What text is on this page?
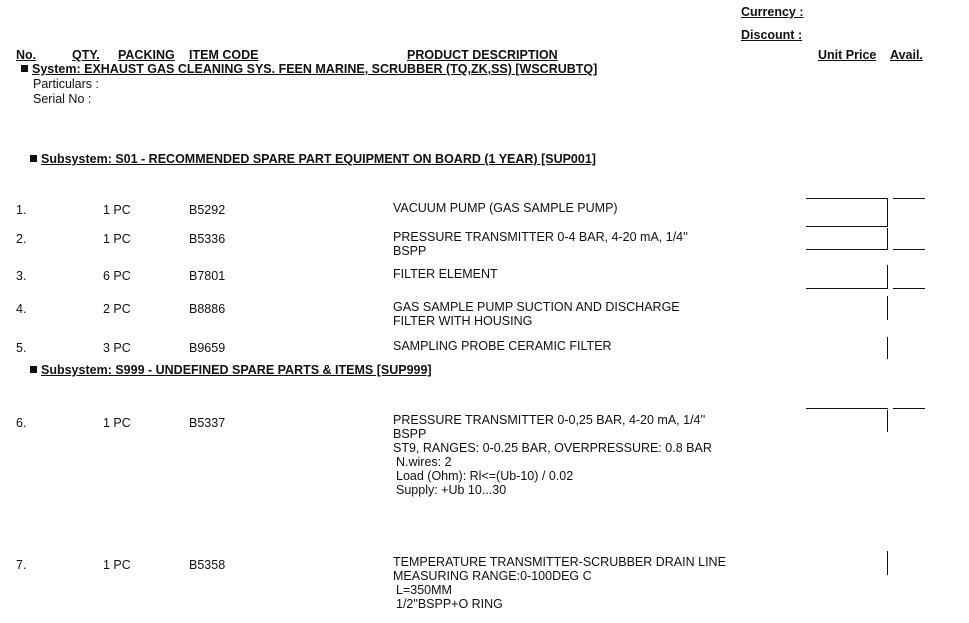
Currency :
Discount :
No.	QTY. PACKING ITEM CODE	PRODUCT DESCRIPTION	Unit Price Avail.
System: EXHAUST GAS CLEANING SYS. FEEN MARINE, SCRUBBER (TQ,ZK,SS) [WSCRUBTQ]
Particulars :
Serial No :
Subsystem: S01 - RECOMMENDED SPARE PART EQUIPMENT ON BOARD (1 YEAR) [SUP001]
1.	1 PC	B5292	VACUUM PUMP (GAS SAMPLE PUMP)
2.	1 PC	B5336	PRESSURE TRANSMITTER 0-4 BAR, 4-20 mA, 1/4''
BSPP
3.	6 PC	B7801	FILTER ELEMENT
4.	2 PC	B8886	GAS SAMPLE PUMP SUCTION AND DISCHARGE
FILTER WITH HOUSING
5.	3 PC	B9659	SAMPLING PROBE CERAMIC FILTER
Subsystem: S999 - UNDEFINED SPARE PARTS & ITEMS [SUP999]
6.	1 PC	B5337	PRESSURE TRANSMITTER 0-0,25 BAR, 4-20 mA, 1/4''
BSPP
ST9, RANGES: 0-0.25 BAR, OVERPRESSURE: 0.8 BAR
N.wires: 2
Load (Ohm): Rl<=(Ub-10) / 0.02
Supply: +Ub 10...30
7.	1 PC	B5358	TEMPERATURE TRANSMITTER-SCRUBBER DRAIN LINE
MEASURING RANGE:0-100DEG C
L=350MM
1/2"BSPP+O RING
